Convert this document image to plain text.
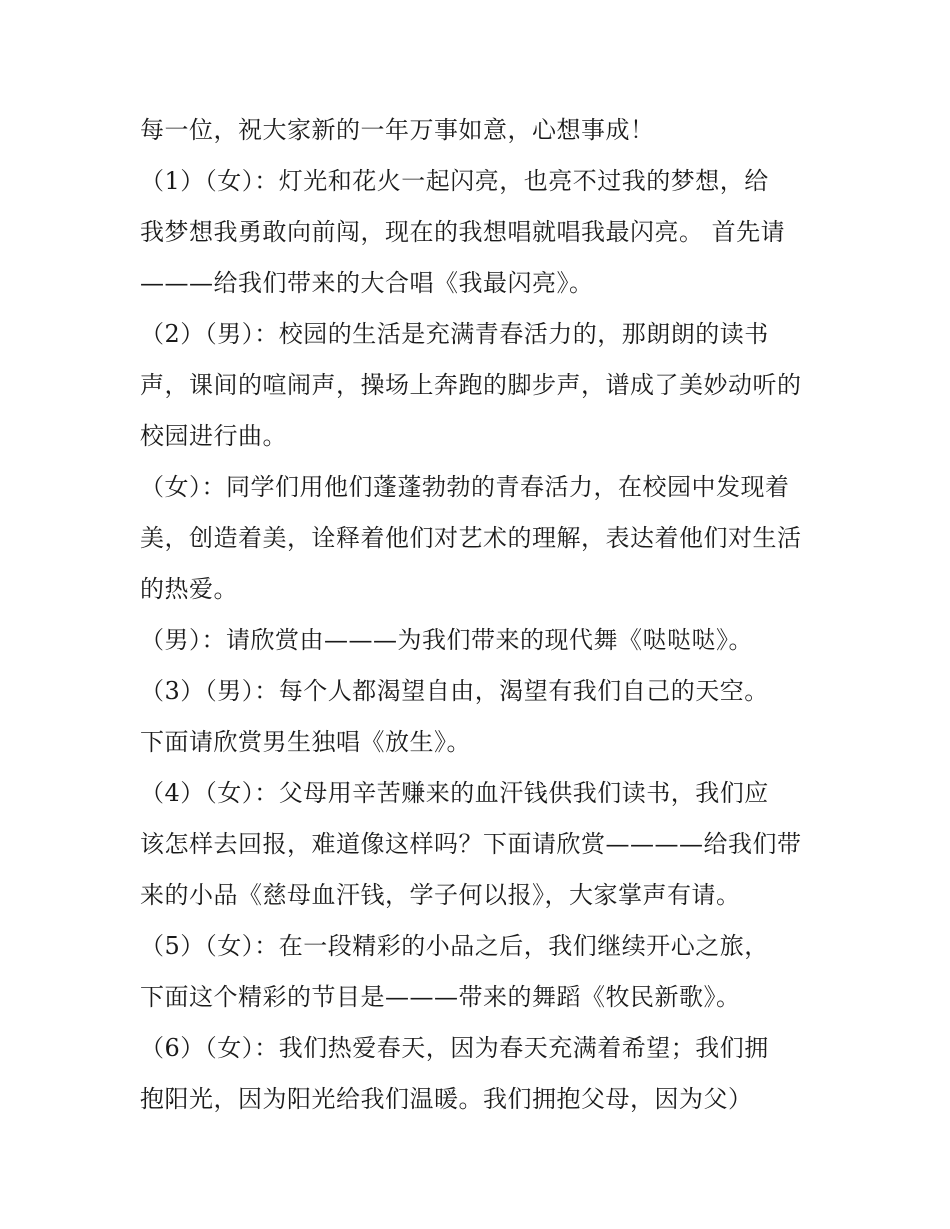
每一位，祝大家新的一年万事如意，心想事成！
（1）（女）：灯光和花火一起闪亮，也亮不过我的梦想，给
我梦想我勇敢向前闯，现在的我想唱就唱我最闪亮。 首先请
———给我们带来的大合唱《我最闪亮》。
（2）（男）：校园的生活是充满青春活力的，那朗朗的读书
声，课间的喧闹声，操场上奔跑的脚步声，谱成了美妙动听的
校园进行曲。
（女）：同学们用他们蓬蓬勃勃的青春活力，在校园中发现着
美，创造着美，诠释着他们对艺术的理解，表达着他们对生活
的热爱。
（男）：请欣赏由———为我们带来的现代舞《哒哒哒》。
（3）（男）：每个人都渴望自由，渴望有我们自己的天空。
下面请欣赏男生独唱《放生》。
（4）（女）：父母用辛苦赚来的血汗钱供我们读书，我们应
该怎样去回报，难道像这样吗？下面请欣赏————给我们带
来的小品《慈母血汗钱，学子何以报》，大家掌声有请。
（5）（女）：在一段精彩的小品之后，我们继续开心之旅，
下面这个精彩的节目是———带来的舞蹈《牧民新歌》。
（6）（女）：我们热爱春天，因为春天充满着希望；我们拥
抱阳光，因为阳光给我们温暖。我们拥抱父母，因为父）
